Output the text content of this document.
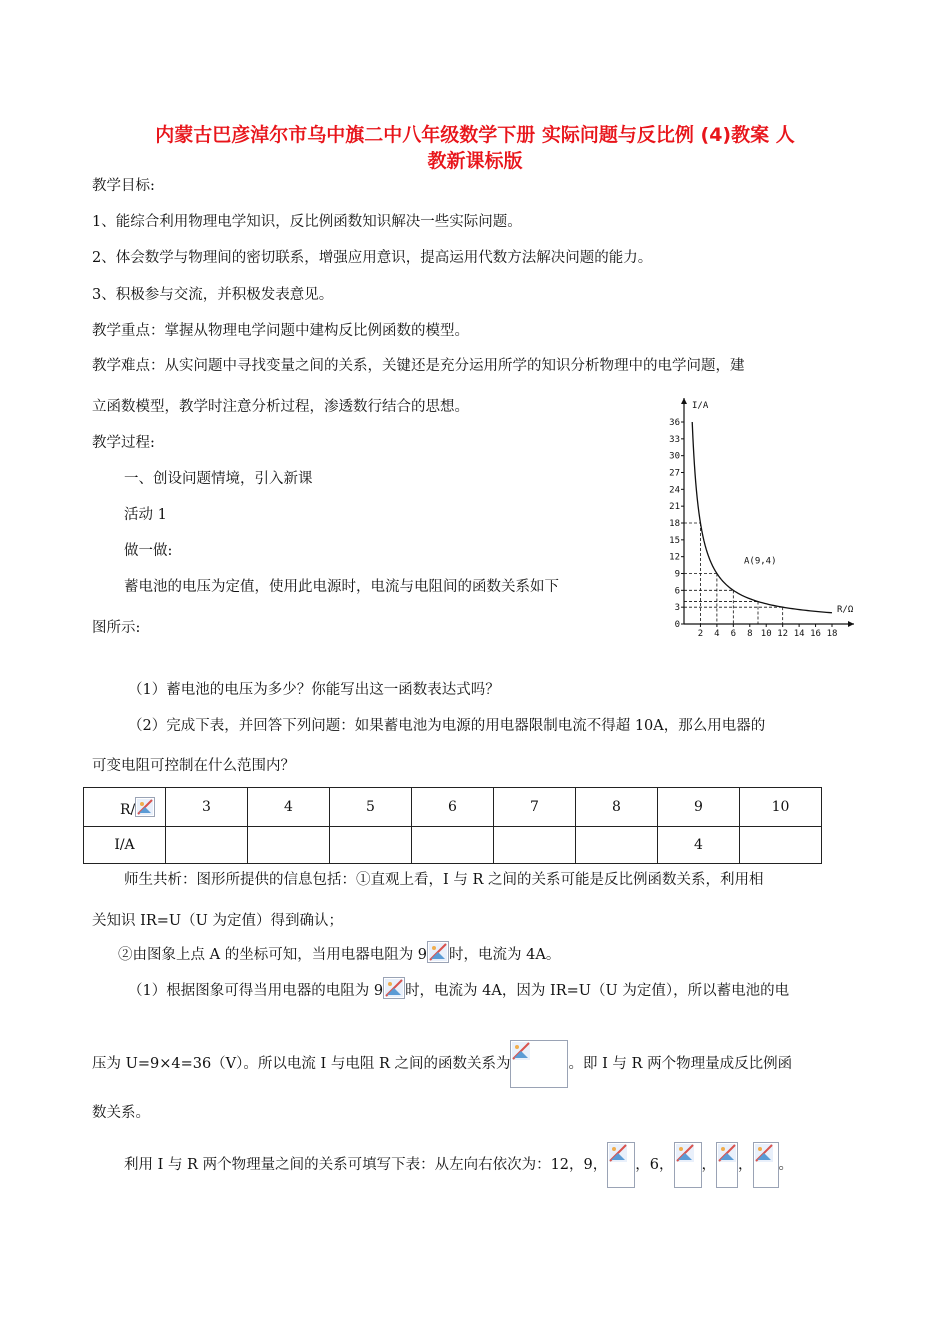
内蒙古巴彦淖尔市乌中旗二中八年级数学下册 实际问题与反比例 (4)教案 人
教新课标版
教学目标:
1、能综合利用物理电学知识，反比例函数知识解决一些实际问题。
2、体会数学与物理间的密切联系，增强应用意识，提高运用代数方法解决问题的能力。
3、积极参与交流，并积极发表意见。
教学重点：掌握从物理电学问题中建构反比例函数的模型。
教学难点：从实问题中寻找变量之间的关系，关键还是充分运用所学的知识分析物理中的电学问题，建
立函数模型，教学时注意分析过程，渗透数行结合的思想。
教学过程:
一、创设问题情境，引入新课
活动 1
做一做:
蓄电池的电压为定值，使用此电源时，电流与电阻间的函数关系如下
图所示:
I/A
R/Ω
0
3
6
9
12
15
18
21
24
27
30
33
36
2 4 6 8 10 12 14 16 18
A(9,4)
（1）蓄电池的电压为多少？你能写出这一函数表达式吗？
（2）完成下表，并回答下列问题：如果蓄电池为电源的用电器限制电流不得超 10A，那么用电器的
可变电阻可控制在什么范围内？
R/	3	4	5	6	7	8	9	10
I/A							4	
师生共析：图形所提供的信息包括：①直观上看，I 与 R 之间的关系可能是反比例函数关系，利用相
关知识 IR=U（U 为定值）得到确认；
②由图象上点 A 的坐标可知，当用电器电阻为 9 时，电流为 4A。
（1）根据图象可得当用电器的电阻为 9 时，电流为 4A，因为 IR=U（U 为定值），所以蓄电池的电
压为 U=9×4=36（V）。所以电流 I 与电阻 R 之间的函数关系为	。即 I 与 R 两个物理量成反比例函
数关系。
利用 I 与 R 两个物理量之间的关系可填写下表：从左向右依次为：12，9， ，6， ， ， 。
